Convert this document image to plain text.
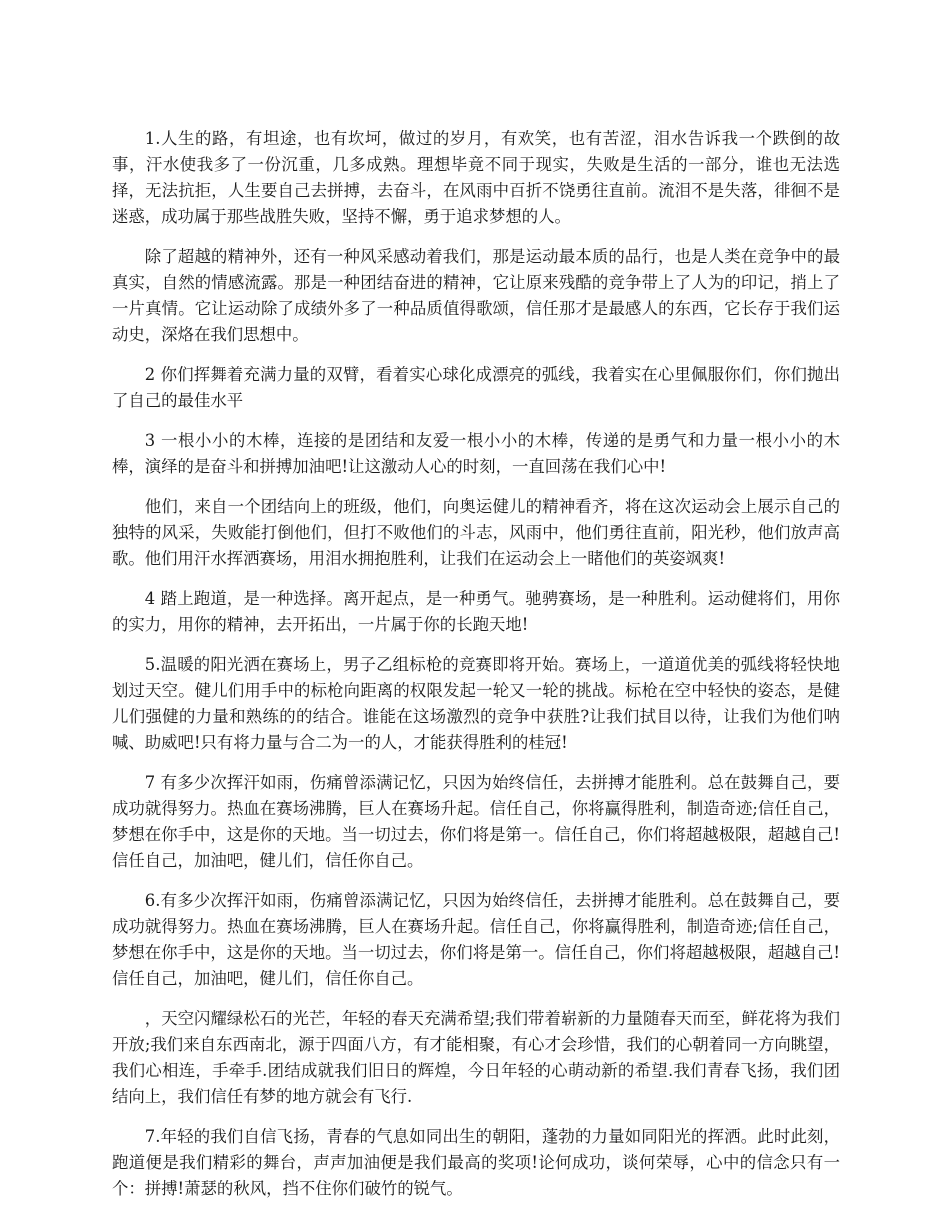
1.人生的路，有坦途，也有坎坷，做过的岁月，有欢笑，也有苦涩，泪水告诉我一个跌倒的故事，汗水使我多了一份沉重，几多成熟。理想毕竟不同于现实，失败是生活的一部分，谁也无法选择，无法抗拒，人生要自己去拼搏，去奋斗，在风雨中百折不饶勇往直前。流泪不是失落，徘徊不是迷惑，成功属于那些战胜失败，坚持不懈，勇于追求梦想的人。

除了超越的精神外，还有一种风采感动着我们，那是运动最本质的品行，也是人类在竞争中的最真实，自然的情感流露。那是一种团结奋进的精神，它让原来残酷的竞争带上了人为的印记，捎上了一片真情。它让运动除了成绩外多了一种品质值得歌颂，信任那才是最感人的东西，它长存于我们运动史，深烙在我们思想中。

2 你们挥舞着充满力量的双臂，看着实心球化成漂亮的弧线，我着实在心里佩服你们，你们抛出了自己的最佳水平

3 一根小小的木棒，连接的是团结和友爱一根小小的木棒，传递的是勇气和力量一根小小的木棒，演绎的是奋斗和拼搏加油吧!让这激动人心的时刻，一直回荡在我们心中!

他们，来自一个团结向上的班级，他们，向奥运健儿的精神看齐，将在这次运动会上展示自己的独特的风采，失败能打倒他们，但打不败他们的斗志，风雨中，他们勇往直前，阳光秒，他们放声高歌。他们用汗水挥洒赛场，用泪水拥抱胜利，让我们在运动会上一睹他们的英姿飒爽!

4 踏上跑道，是一种选择。离开起点，是一种勇气。驰骋赛场，是一种胜利。运动健将们，用你的实力，用你的精神，去开拓出，一片属于你的长跑天地!

5.温暖的阳光洒在赛场上，男子乙组标枪的竞赛即将开始。赛场上，一道道优美的弧线将轻快地划过天空。健儿们用手中的标枪向距离的权限发起一轮又一轮的挑战。标枪在空中轻快的姿态，是健儿们强健的力量和熟练的的结合。谁能在这场激烈的竞争中获胜?让我们拭目以待，让我们为他们呐喊、助威吧!只有将力量与合二为一的人，才能获得胜利的桂冠!

7 有多少次挥汗如雨，伤痛曾添满记忆，只因为始终信任，去拼搏才能胜利。总在鼓舞自己，要成功就得努力。热血在赛场沸腾，巨人在赛场升起。信任自己，你将赢得胜利，制造奇迹;信任自己，梦想在你手中，这是你的天地。当一切过去，你们将是第一。信任自己，你们将超越极限，超越自己!信任自己，加油吧，健儿们，信任你自己。

6.有多少次挥汗如雨，伤痛曾添满记忆，只因为始终信任，去拼搏才能胜利。总在鼓舞自己，要成功就得努力。热血在赛场沸腾，巨人在赛场升起。信任自己，你将赢得胜利，制造奇迹;信任自己，梦想在你手中，这是你的天地。当一切过去，你们将是第一。信任自己，你们将超越极限，超越自己!信任自己，加油吧，健儿们，信任你自己。

，天空闪耀绿松石的光芒，年轻的春天充满希望;我们带着崭新的力量随春天而至，鲜花将为我们开放;我们来自东西南北，源于四面八方，有才能相聚，有心才会珍惜，我们的心朝着同一方向眺望，我们心相连，手牵手.团结成就我们旧日的辉煌，今日年轻的心萌动新的希望.我们青春飞扬，我们团结向上，我们信任有梦的地方就会有飞行.

7.年轻的我们自信飞扬，青春的气息如同出生的朝阳，蓬勃的力量如同阳光的挥洒。此时此刻，跑道便是我们精彩的舞台，声声加油便是我们最高的奖项!论何成功，谈何荣辱，心中的信念只有一个：拼搏!萧瑟的秋风，挡不住你们破竹的锐气。
